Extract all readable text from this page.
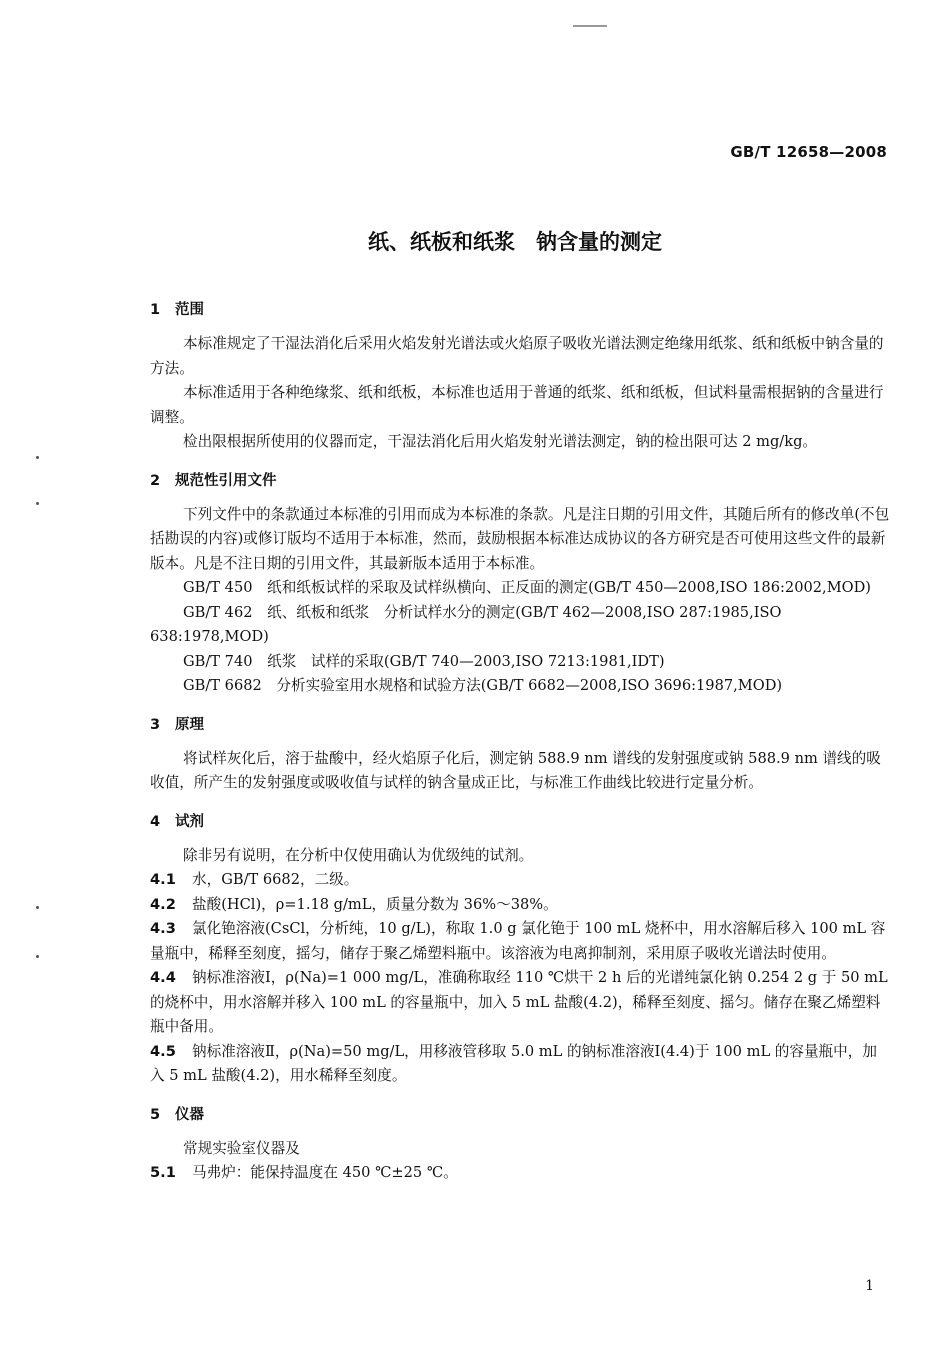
GB/T 12658—2008
纸、纸板和纸浆　钠含量的测定
1 范围

本标准规定了干湿法消化后采用火焰发射光谱法或火焰原子吸收光谱法测定绝缘用纸浆、纸和纸板中钠含量的方法。

本标准适用于各种绝缘浆、纸和纸板，本标准也适用于普通的纸浆、纸和纸板，但试料量需根据钠的含量进行调整。

检出限根据所使用的仪器而定，干湿法消化后用火焰发射光谱法测定，钠的检出限可达 2 mg/kg。

2 规范性引用文件

下列文件中的条款通过本标准的引用而成为本标准的条款。凡是注日期的引用文件，其随后所有的修改单(不包括勘误的内容)或修订版均不适用于本标准，然而，鼓励根据本标准达成协议的各方研究是否可使用这些文件的最新版本。凡是不注日期的引用文件，其最新版本适用于本标准。

GB/T 450　纸和纸板试样的采取及试样纵横向、正反面的测定(GB/T 450—2008,ISO 186:2002,MOD)

GB/T 462　纸、纸板和纸浆　分析试样水分的测定(GB/T 462—2008,ISO 287:1985,ISO 638:1978,MOD)

GB/T 740　纸浆　试样的采取(GB/T 740—2003,ISO 7213:1981,IDT)

GB/T 6682　分析实验室用水规格和试验方法(GB/T 6682—2008,ISO 3696:1987,MOD)

3 原理

将试样灰化后，溶于盐酸中，经火焰原子化后，测定钠 588.9 nm 谱线的发射强度或钠 588.9 nm 谱线的吸收值，所产生的发射强度或吸收值与试样的钠含量成正比，与标准工作曲线比较进行定量分析。

4 试剂

除非另有说明，在分析中仅使用确认为优级纯的试剂。

4.1 水，GB/T 6682，二级。

4.2 盐酸(HCl)，ρ=1.18 g/mL，质量分数为 36%～38%。

4.3 氯化铯溶液(CsCl，分析纯，10 g/L)，称取 1.0 g 氯化铯于 100 mL 烧杯中，用水溶解后移入 100 mL 容量瓶中，稀释至刻度，摇匀，储存于聚乙烯塑料瓶中。该溶液为电离抑制剂，采用原子吸收光谱法时使用。

4.4 钠标准溶液Ⅰ，ρ(Na)=1 000 mg/L，准确称取经 110 ℃烘干 2 h 后的光谱纯氯化钠 0.254 2 g 于 50 mL 的烧杯中，用水溶解并移入 100 mL 的容量瓶中，加入 5 mL 盐酸(4.2)，稀释至刻度、摇匀。储存在聚乙烯塑料瓶中备用。

4.5 钠标准溶液Ⅱ，ρ(Na)=50 mg/L，用移液管移取 5.0 mL 的钠标准溶液Ⅰ(4.4)于 100 mL 的容量瓶中，加入 5 mL 盐酸(4.2)，用水稀释至刻度。

5 仪器

常规实验室仪器及

5.1 马弗炉：能保持温度在 450 ℃±25 ℃。

1
